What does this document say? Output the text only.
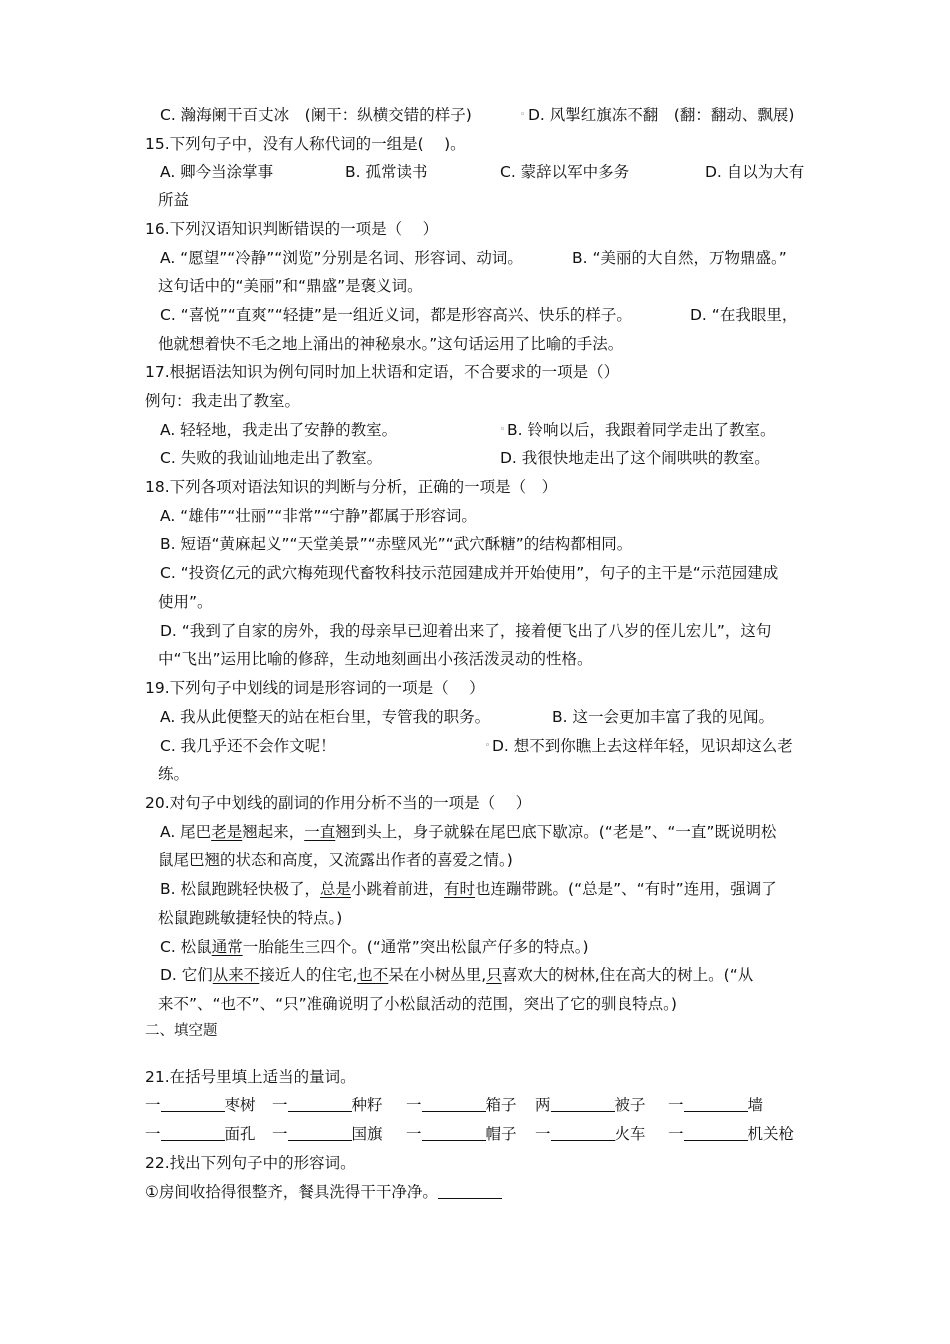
C. 瀚海阑干百丈冰　(阑干：纵横交错的样子)	◦ D. 风掣红旗冻不翻　(翻：翻动、飘展)
15.下列句子中，没有人称代词的一组是(　 )。
A. 卿今当涂掌事	B. 孤常读书	C. 蒙辞以军中多务	D. 自以为大有
所益
16.下列汉语知识判断错误的一项是（　 ）
A. “愿望”“冷静”“浏览”分别是名词、形容词、动词。	B. “美丽的大自然，万物鼎盛。”
这句话中的“美丽”和“鼎盛”是褒义词。
C. “喜悦”“直爽”“轻捷”是一组近义词，都是形容高兴、快乐的样子。	D. “在我眼里，
他就想着快不毛之地上涌出的神秘泉水。”这句话运用了比喻的手法。
17.根据语法知识为例句同时加上状语和定语，不合要求的一项是（）
例句：我走出了教室。
A. 轻轻地，我走出了安静的教室。	◦ B. 铃响以后，我跟着同学走出了教室。
C. 失败的我讪讪地走出了教室。	D. 我很快地走出了这个闹哄哄的教室。
18.下列各项对语法知识的判断与分析，正确的一项是（　）
A. “雄伟”“壮丽”“非常”“宁静”都属于形容词。
B. 短语“黄麻起义”“天堂美景”“赤壁风光”“武穴酥糖”的结构都相同。
C. “投资亿元的武穴梅苑现代畜牧科技示范园建成并开始使用”，句子的主干是“示范园建成
使用”。
D. “我到了自家的房外，我的母亲早已迎着出来了，接着便飞出了八岁的侄儿宏儿”，这句
中“飞出”运用比喻的修辞，生动地刻画出小孩活泼灵动的性格。
19.下列句子中划线的词是形容词的一项是（　 ）
A. 我从此便整天的站在柜台里，专管我的职务。	B. 这一会更加丰富了我的见闻。
C. 我几乎还不会作文呢！	◦ D. 想不到你瞧上去这样年轻，见识却这么老
练。
20.对句子中划线的副词的作用分析不当的一项是（　 ）
A. 尾巴老是翘起来，一直翘到头上，身子就躲在尾巴底下歇凉。(“老是”、“一直”既说明松
鼠尾巴翘的状态和高度，又流露出作者的喜爱之情。)
B. 松鼠跑跳轻快极了，总是小跳着前进，有时也连蹦带跳。(“总是”、“有时”连用，强调了
松鼠跑跳敏捷轻快的特点。)
C. 松鼠通常一胎能生三四个。(“通常”突出松鼠产仔多的特点。)
D. 它们从来不接近人的住宅,也不呆在小树丛里,只喜欢大的树林,住在高大的树上。(“从
来不”、“也不”、“只”准确说明了小松鼠活动的范围，突出了它的驯良特点。)
二、填空题
21.在括号里填上适当的量词。
一	枣树 一	种籽 一	箱子 两	被子 一	墙
一	面孔 一	国旗 一	帽子 一	火车 一	机关枪
22.找出下列句子中的形容词。
①房间收拾得很整齐，餐具洗得干干净净。
